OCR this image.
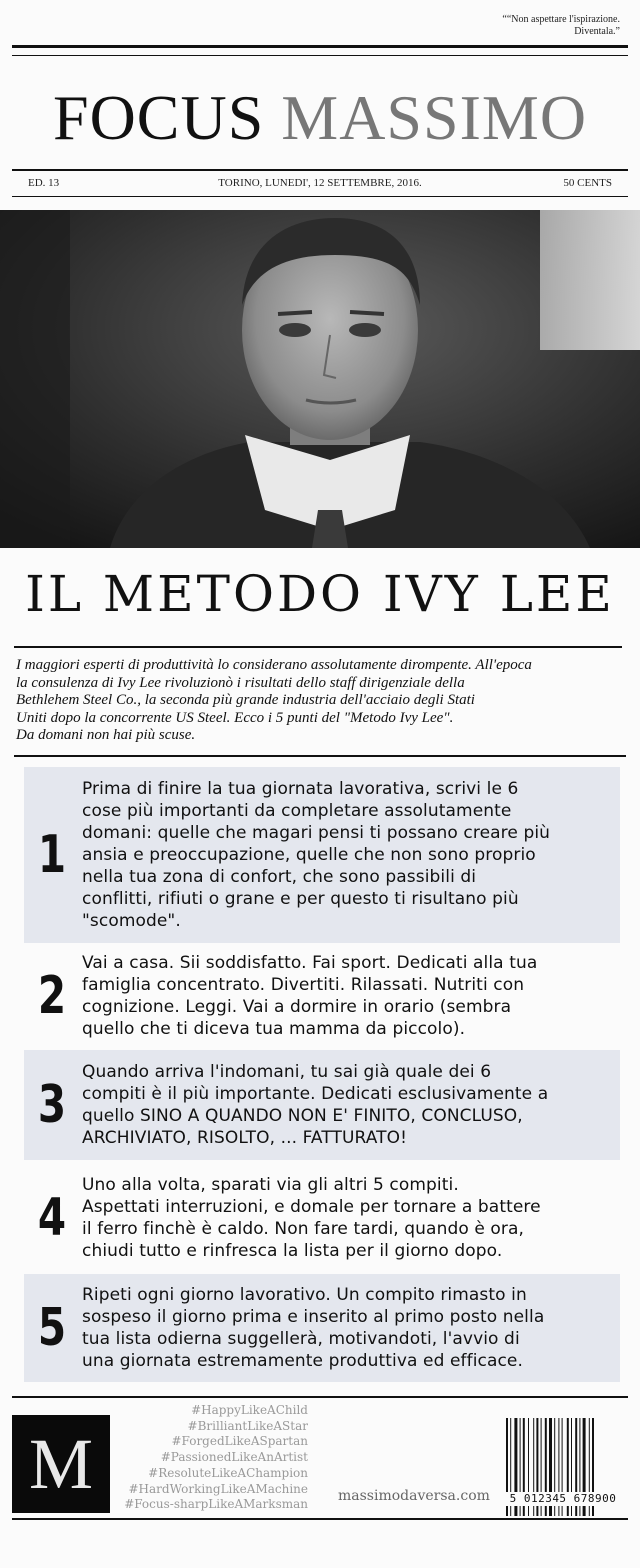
““Non aspettare l'ispirazione. Diventala.”
FOCUS MASSIMO
ED. 13	TORINO, LUNEDI', 12 SETTEMBRE, 2016.	50 CENTS
IL METODO IVY LEE
I maggiori esperti di produttività lo considerano assolutamente dirompente. All'epoca
la consulenza di Ivy Lee rivoluzionò i risultati dello staff dirigenziale della
Bethlehem Steel Co., la seconda più grande industria dell'acciaio degli Stati
Uniti dopo la concorrente US Steel. Ecco i 5 punti del "Metodo Ivy Lee".
Da domani non hai più scuse.
1
Prima di finire la tua giornata lavorativa, scrivi le 6
cose più importanti da completare assolutamente
domani: quelle che magari pensi ti possano creare più
ansia e preoccupazione, quelle che non sono proprio
nella tua zona di confort, che sono passibili di
conflitti, rifiuti o grane e per questo ti risultano più
"scomode".
2
Vai a casa. Sii soddisfatto. Fai sport. Dedicati alla tua
famiglia concentrato. Divertiti. Rilassati. Nutriti con
cognizione. Leggi. Vai a dormire in orario (sembra
quello che ti diceva tua mamma da piccolo).
3
Quando arriva l'indomani, tu sai già quale dei 6
compiti è il più importante. Dedicati esclusivamente a
quello SINO A QUANDO NON E' FINITO, CONCLUSO,
ARCHIVIATO, RISOLTO, ... FATTURATO!
4
Uno alla volta, sparati via gli altri 5 compiti.
Aspettati interruzioni, e domale per tornare a battere
il ferro finchè è caldo. Non fare tardi, quando è ora,
chiudi tutto e rinfresca la lista per il giorno dopo.
5
Ripeti ogni giorno lavorativo. Un compito rimasto in
sospeso il giorno prima e inserito al primo posto nella
tua lista odierna suggellerà, motivandoti, l'avvio di
una giornata estremamente produttiva ed efficace.
M
#HappyLikeAChild
#BrilliantLikeAStar
#ForgedLikeASpartan
#PassionedLikeAnArtist
#ResoluteLikeAChampion
#HardWorkingLikeAMachine
#Focus-sharpLikeAMarksman
massimodaversa.com	5 012345 678900
